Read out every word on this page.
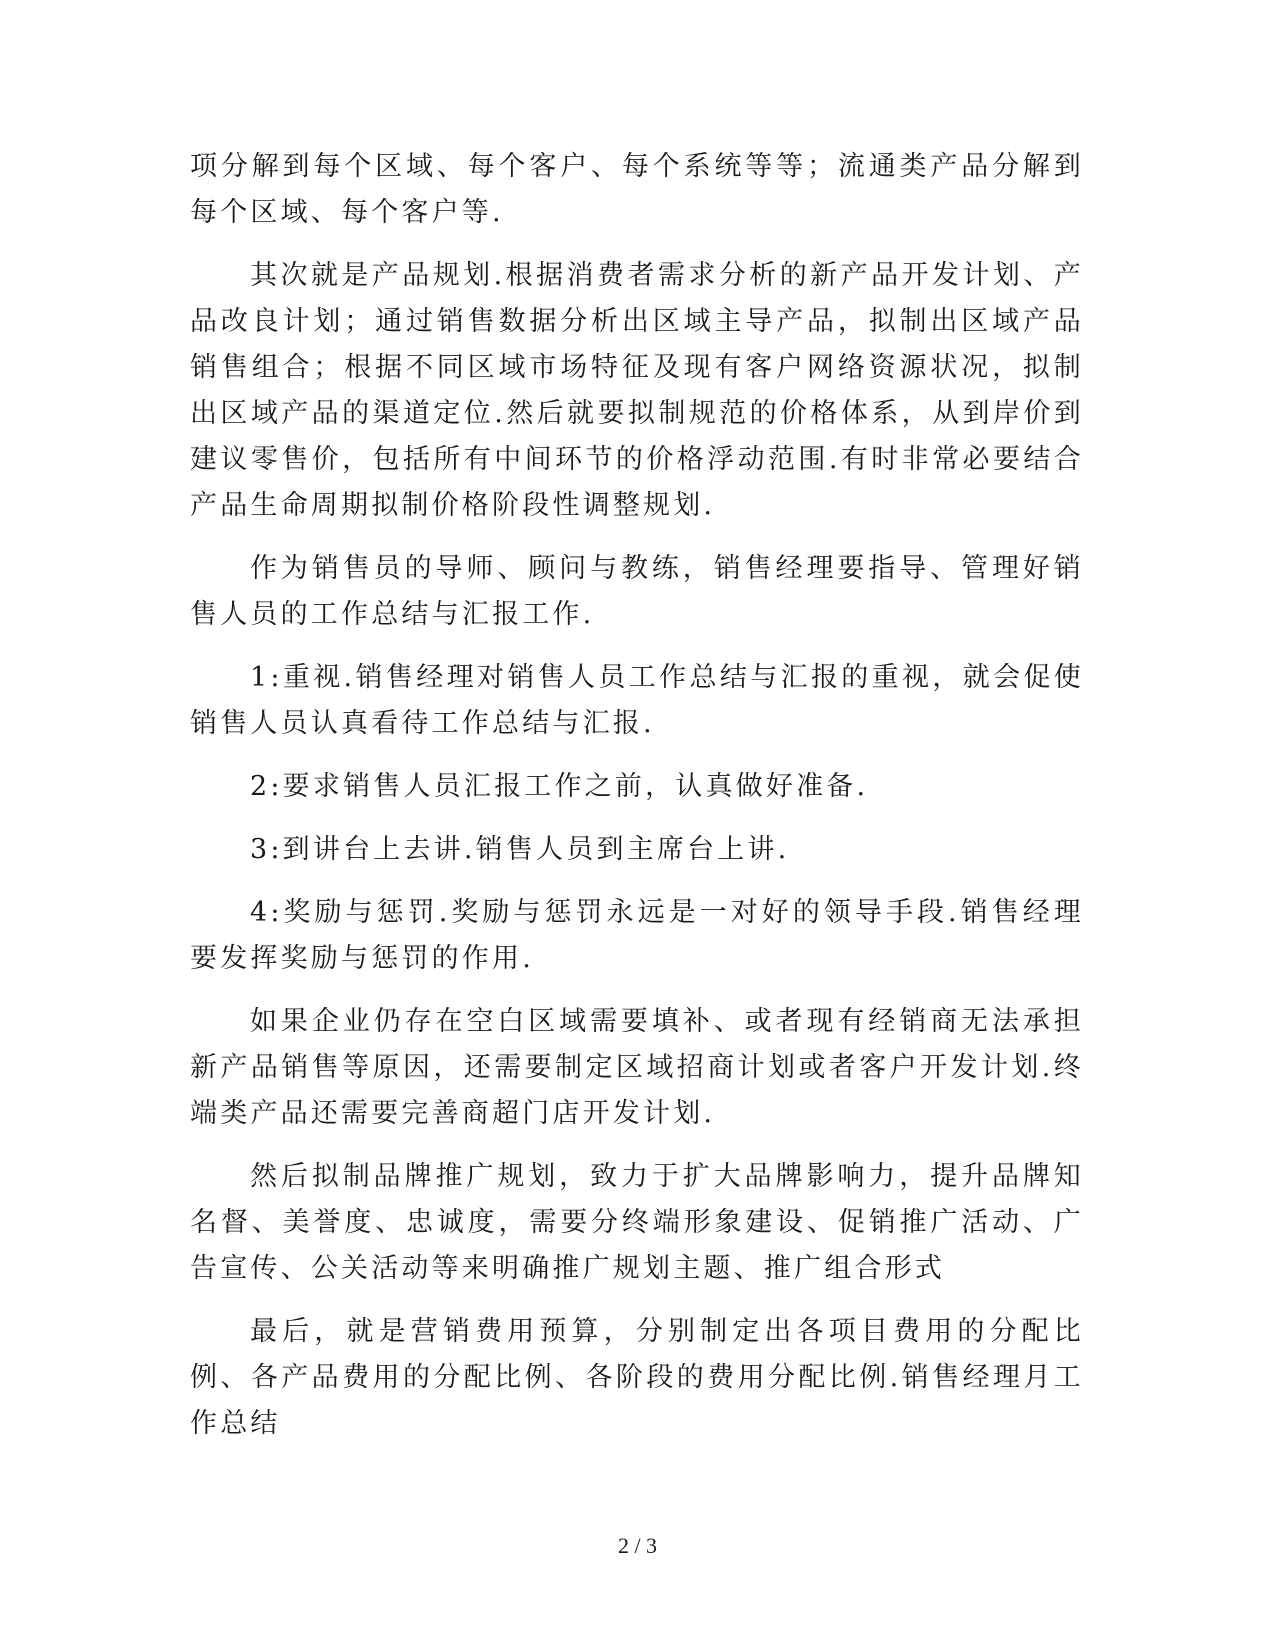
项分解到每个区域、每个客户、每个系统等等；流通类产品分解到每个区域、每个客户等.

其次就是产品规划.根据消费者需求分析的新产品开发计划、产品改良计划；通过销售数据分析出区域主导产品，拟制出区域产品销售组合；根据不同区域市场特征及现有客户网络资源状况，拟制出区域产品的渠道定位.然后就要拟制规范的价格体系，从到岸价到建议零售价，包括所有中间环节的价格浮动范围.有时非常必要结合产品生命周期拟制价格阶段性调整规划.

作为销售员的导师、顾问与教练，销售经理要指导、管理好销售人员的工作总结与汇报工作.

1:重视.销售经理对销售人员工作总结与汇报的重视，就会促使销售人员认真看待工作总结与汇报.

2:要求销售人员汇报工作之前，认真做好准备.

3:到讲台上去讲.销售人员到主席台上讲.

4:奖励与惩罚.奖励与惩罚永远是一对好的领导手段.销售经理要发挥奖励与惩罚的作用.

如果企业仍存在空白区域需要填补、或者现有经销商无法承担新产品销售等原因，还需要制定区域招商计划或者客户开发计划.终端类产品还需要完善商超门店开发计划.

然后拟制品牌推广规划，致力于扩大品牌影响力，提升品牌知名督、美誉度、忠诚度，需要分终端形象建设、促销推广活动、广告宣传、公关活动等来明确推广规划主题、推广组合形式

最后，就是营销费用预算，分别制定出各项目费用的分配比例、各产品费用的分配比例、各阶段的费用分配比例.销售经理月工作总结

2 / 3
